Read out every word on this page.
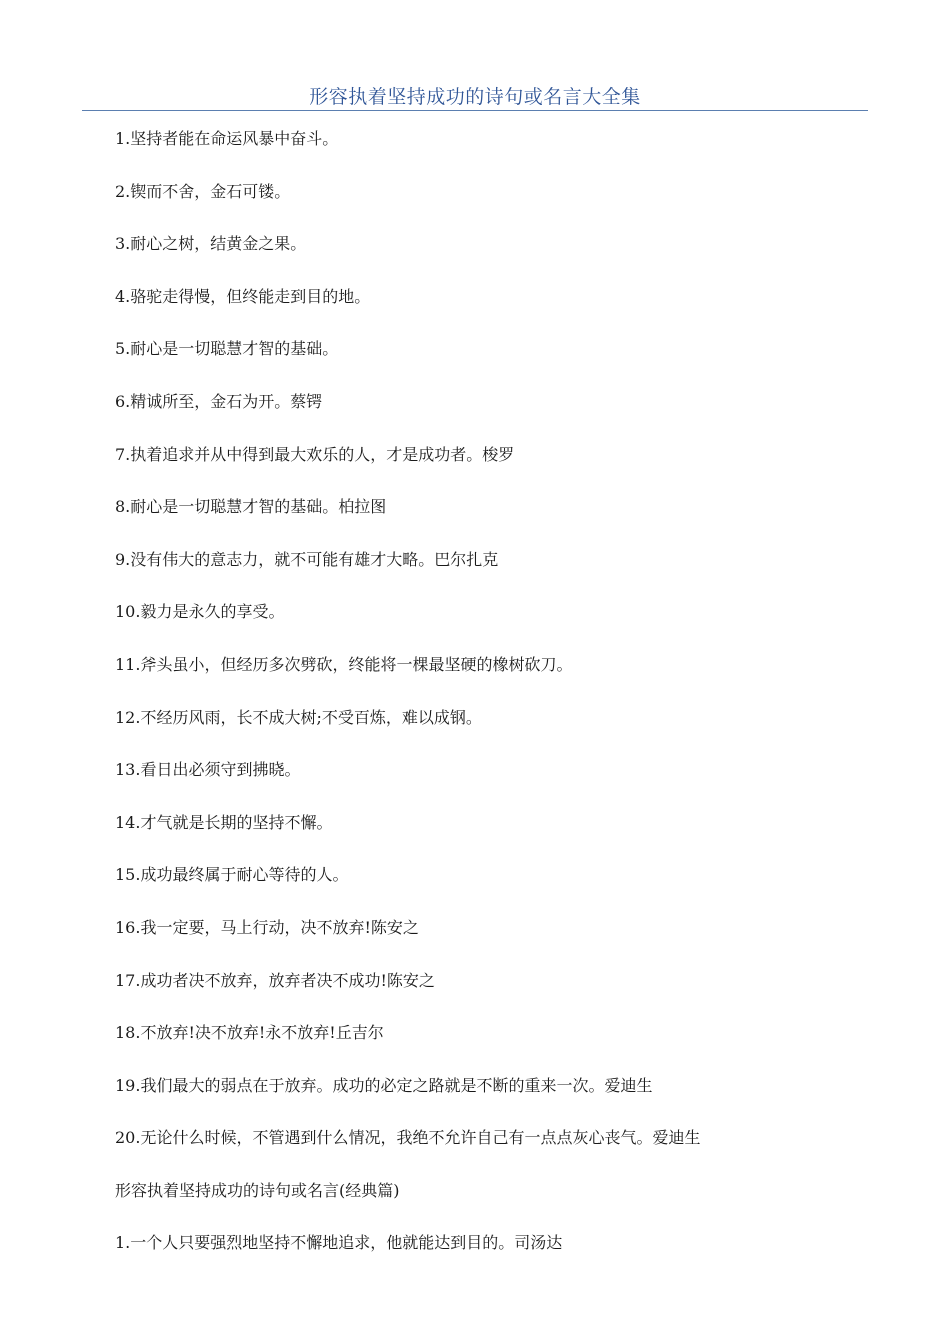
形容执着坚持成功的诗句或名言大全集
1.坚持者能在命运风暴中奋斗。
2.锲而不舍，金石可镂。
3.耐心之树，结黄金之果。
4.骆驼走得慢，但终能走到目的地。
5.耐心是一切聪慧才智的基础。
6.精诚所至，金石为开。蔡锷
7.执着追求并从中得到最大欢乐的人，才是成功者。梭罗
8.耐心是一切聪慧才智的基础。柏拉图
9.没有伟大的意志力，就不可能有雄才大略。巴尔扎克
10.毅力是永久的享受。
11.斧头虽小，但经历多次劈砍，终能将一棵最坚硬的橡树砍刀。
12.不经历风雨，长不成大树;不受百炼，难以成钢。
13.看日出必须守到拂晓。
14.才气就是长期的坚持不懈。
15.成功最终属于耐心等待的人。
16.我一定要，马上行动，决不放弃!陈安之
17.成功者决不放弃，放弃者决不成功!陈安之
18.不放弃!决不放弃!永不放弃!丘吉尔
19.我们最大的弱点在于放弃。成功的必定之路就是不断的重来一次。爱迪生
20.无论什么时候，不管遇到什么情况，我绝不允许自己有一点点灰心丧气。爱迪生
形容执着坚持成功的诗句或名言(经典篇)
1.一个人只要强烈地坚持不懈地追求，他就能达到目的。司汤达
